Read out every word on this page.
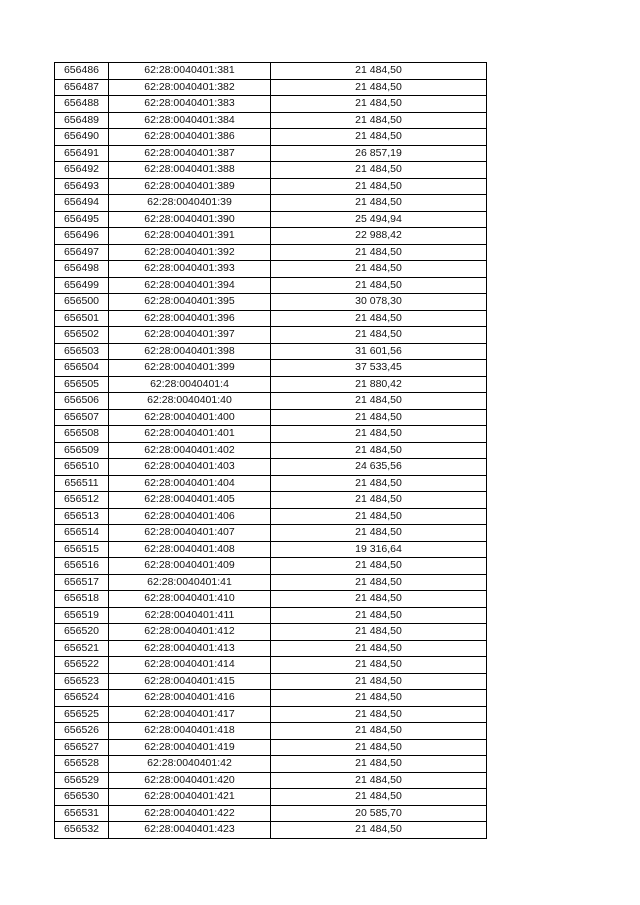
656486	62:28:0040401:381	21 484,50
656487	62:28:0040401:382	21 484,50
656488	62:28:0040401:383	21 484,50
656489	62:28:0040401:384	21 484,50
656490	62:28:0040401:386	21 484,50
656491	62:28:0040401:387	26 857,19
656492	62:28:0040401:388	21 484,50
656493	62:28:0040401:389	21 484,50
656494	62:28:0040401:39	21 484,50
656495	62:28:0040401:390	25 494,94
656496	62:28:0040401:391	22 988,42
656497	62:28:0040401:392	21 484,50
656498	62:28:0040401:393	21 484,50
656499	62:28:0040401:394	21 484,50
656500	62:28:0040401:395	30 078,30
656501	62:28:0040401:396	21 484,50
656502	62:28:0040401:397	21 484,50
656503	62:28:0040401:398	31 601,56
656504	62:28:0040401:399	37 533,45
656505	62:28:0040401:4	21 880,42
656506	62:28:0040401:40	21 484,50
656507	62:28:0040401:400	21 484,50
656508	62:28:0040401:401	21 484,50
656509	62:28:0040401:402	21 484,50
656510	62:28:0040401:403	24 635,56
656511	62:28:0040401:404	21 484,50
656512	62:28:0040401:405	21 484,50
656513	62:28:0040401:406	21 484,50
656514	62:28:0040401:407	21 484,50
656515	62:28:0040401:408	19 316,64
656516	62:28:0040401:409	21 484,50
656517	62:28:0040401:41	21 484,50
656518	62:28:0040401:410	21 484,50
656519	62:28:0040401:411	21 484,50
656520	62:28:0040401:412	21 484,50
656521	62:28:0040401:413	21 484,50
656522	62:28:0040401:414	21 484,50
656523	62:28:0040401:415	21 484,50
656524	62:28:0040401:416	21 484,50
656525	62:28:0040401:417	21 484,50
656526	62:28:0040401:418	21 484,50
656527	62:28:0040401:419	21 484,50
656528	62:28:0040401:42	21 484,50
656529	62:28:0040401:420	21 484,50
656530	62:28:0040401:421	21 484,50
656531	62:28:0040401:422	20 585,70
656532	62:28:0040401:423	21 484,50
